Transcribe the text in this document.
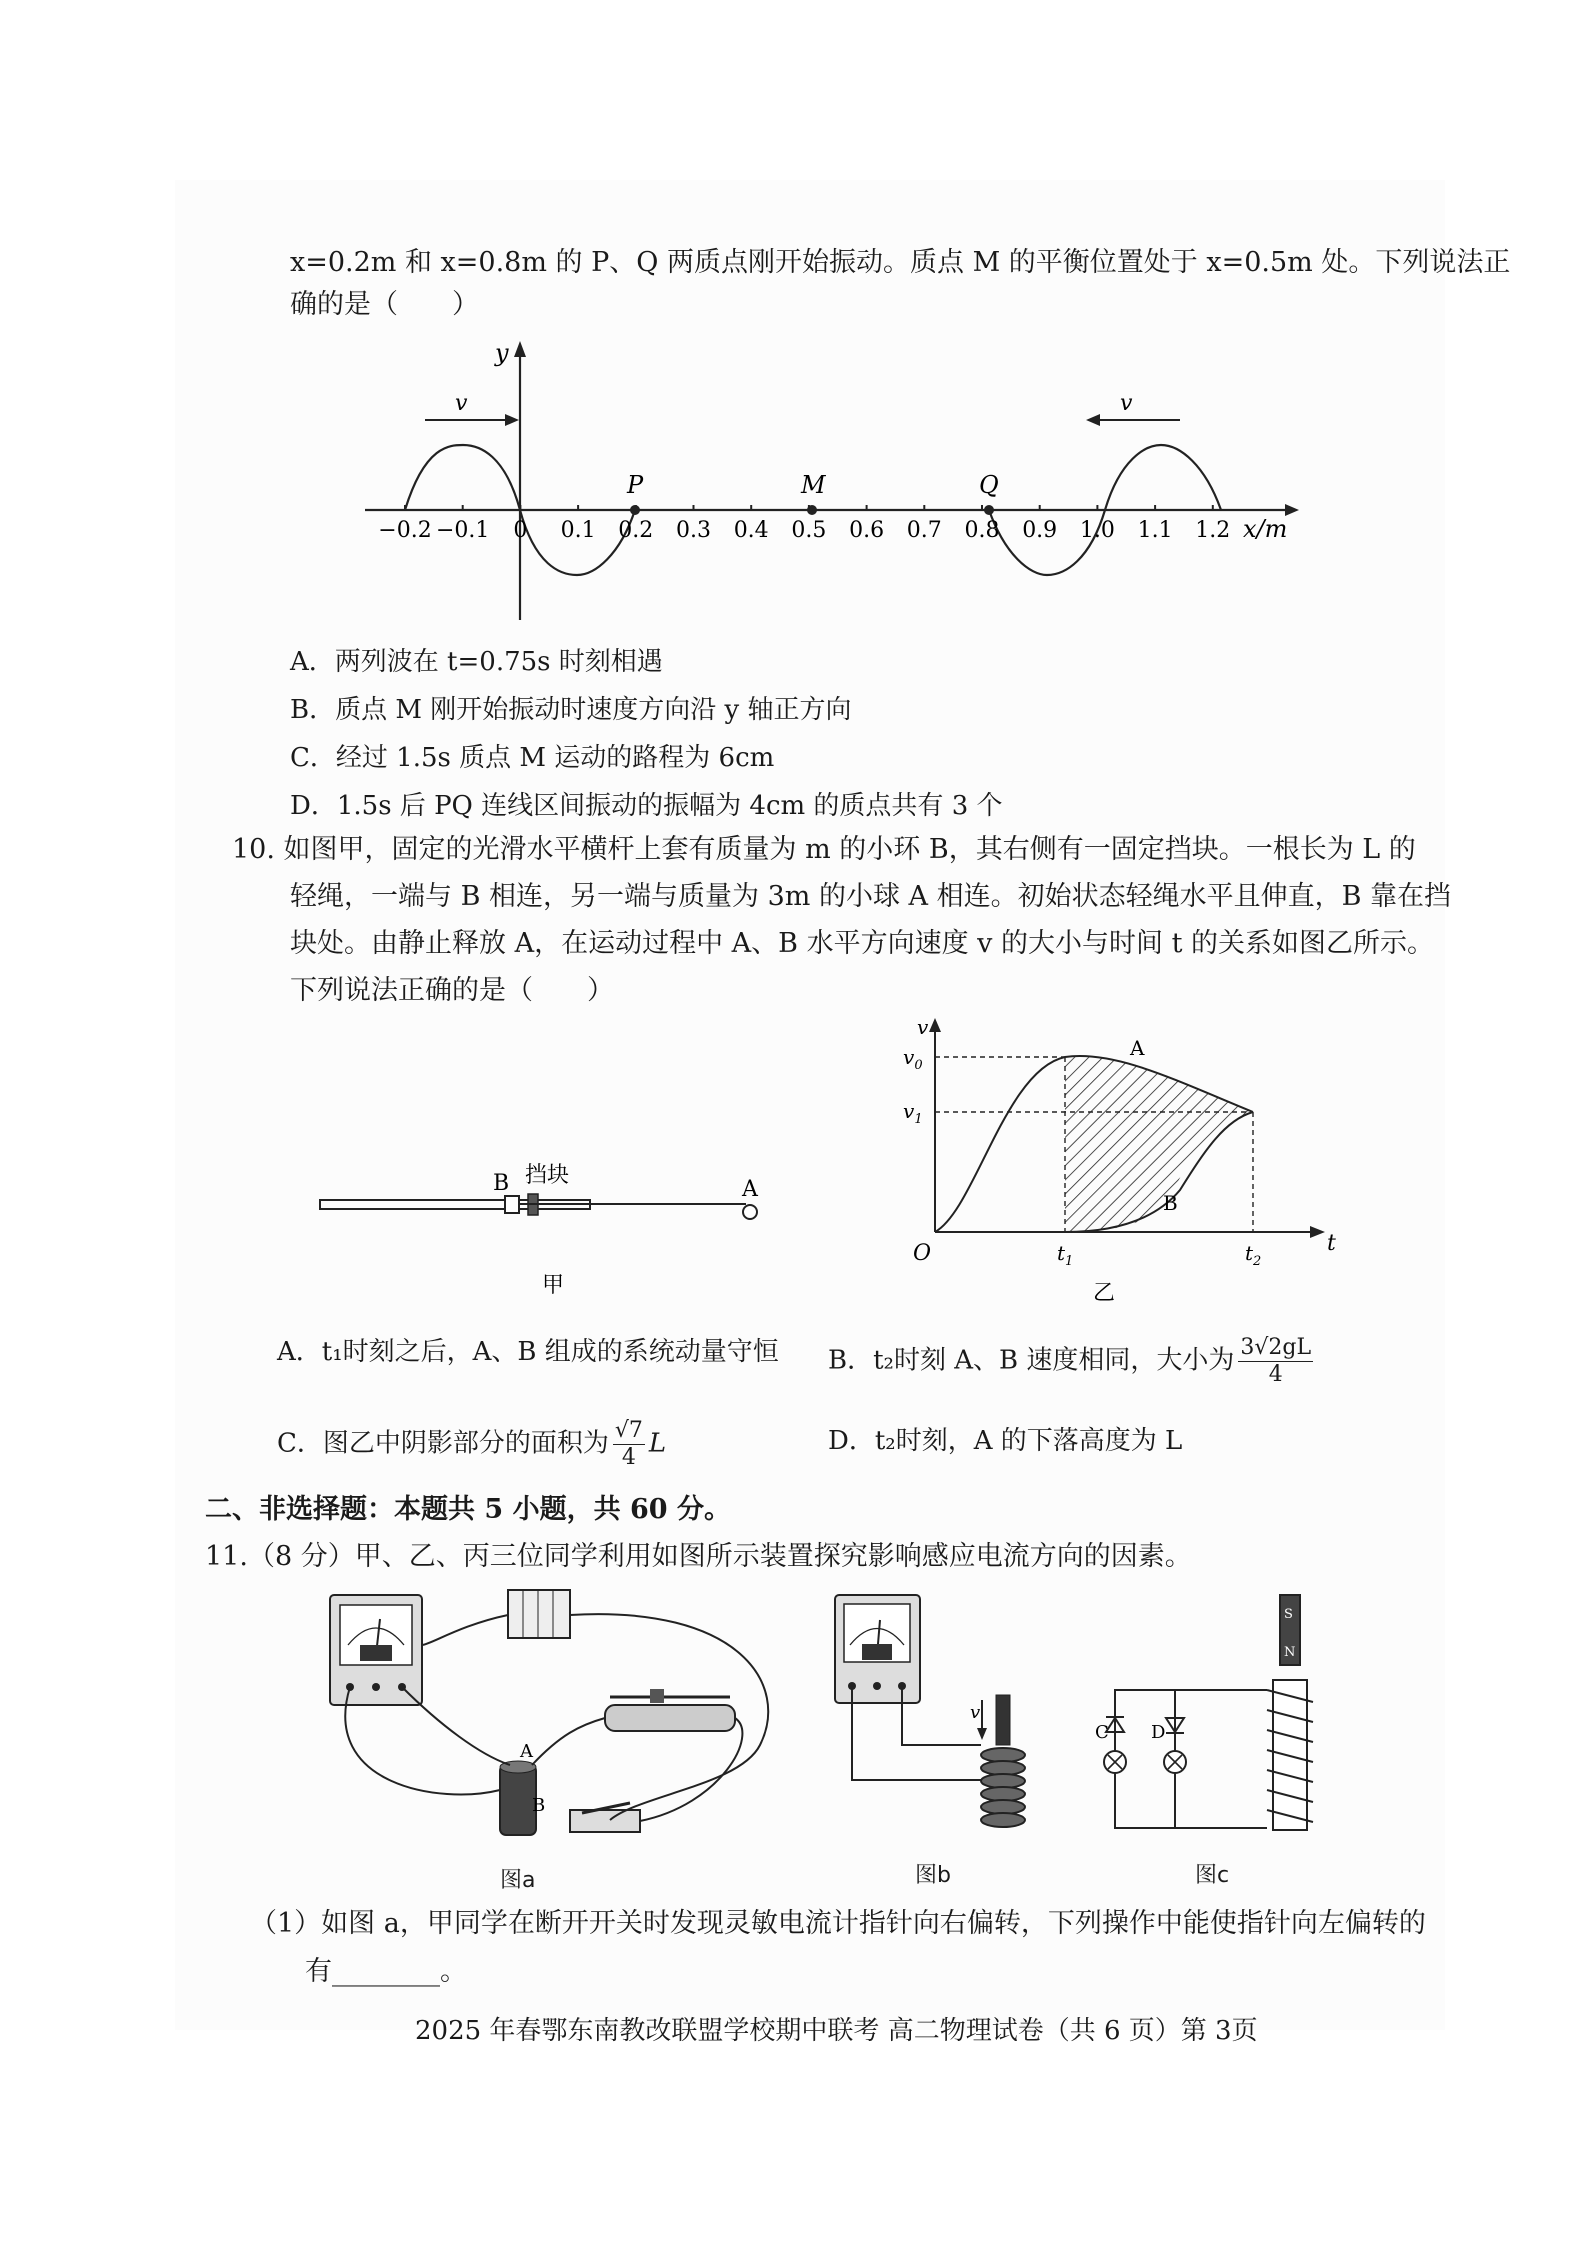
x=0.2m 和 x=0.8m 的 P、Q 两质点刚开始振动。质点 M 的平衡位置处于 x=0.5m 处。下列说法正
确的是（　　）
y
x/m
v	v
−0.2 −0.1 0 0.1 0.2 0.3 0.4 0.5 0.6 0.7 0.8 0.9 1.0 1.1 1.2
P	M	Q
A．两列波在 t=0.75s 时刻相遇
B．质点 M 刚开始振动时速度方向沿 y 轴正方向
C．经过 1.5s 质点 M 运动的路程为 6cm
D．1.5s 后 PQ 连线区间振动的振幅为 4cm 的质点共有 3 个
10. 如图甲，固定的光滑水平横杆上套有质量为 m 的小环 B，其右侧有一固定挡块。一根长为 L 的
轻绳，一端与 B 相连，另一端与质量为 3m 的小球 A 相连。初始状态轻绳水平且伸直，B 靠在挡
块处。由静止释放 A，在运动过程中 A、B 水平方向速度 v 的大小与时间 t 的关系如图乙所示。
下列说法正确的是（　　）
B 挡块
A
甲
v
t
O
$v_0$
$v_1$
$t_1$	$t_2$
A
B
乙
A．t₁时刻之后，A、B 组成的系统动量守恒 B．t₂时刻 A、B 速度相同，大小为 $\frac{3√2gL}{4}$
C．图乙中阴影部分的面积为 $\frac{√7}{4}$ L	D．t₂时刻，A 的下落高度为 L
二、非选择题：本题共 5 小题，共 60 分。
11.（8 分）甲、乙、丙三位同学利用如图所示装置探究影响感应电流方向的因素。
A
B
图a
v
图b
S
N
C D
图c
（1）如图 a，甲同学在断开开关时发现灵敏电流计指针向右偏转，下列操作中能使指针向左偏转的
有________。
2025 年春鄂东南教改联盟学校期中联考 高二物理试卷（共 6 页）第 3页
